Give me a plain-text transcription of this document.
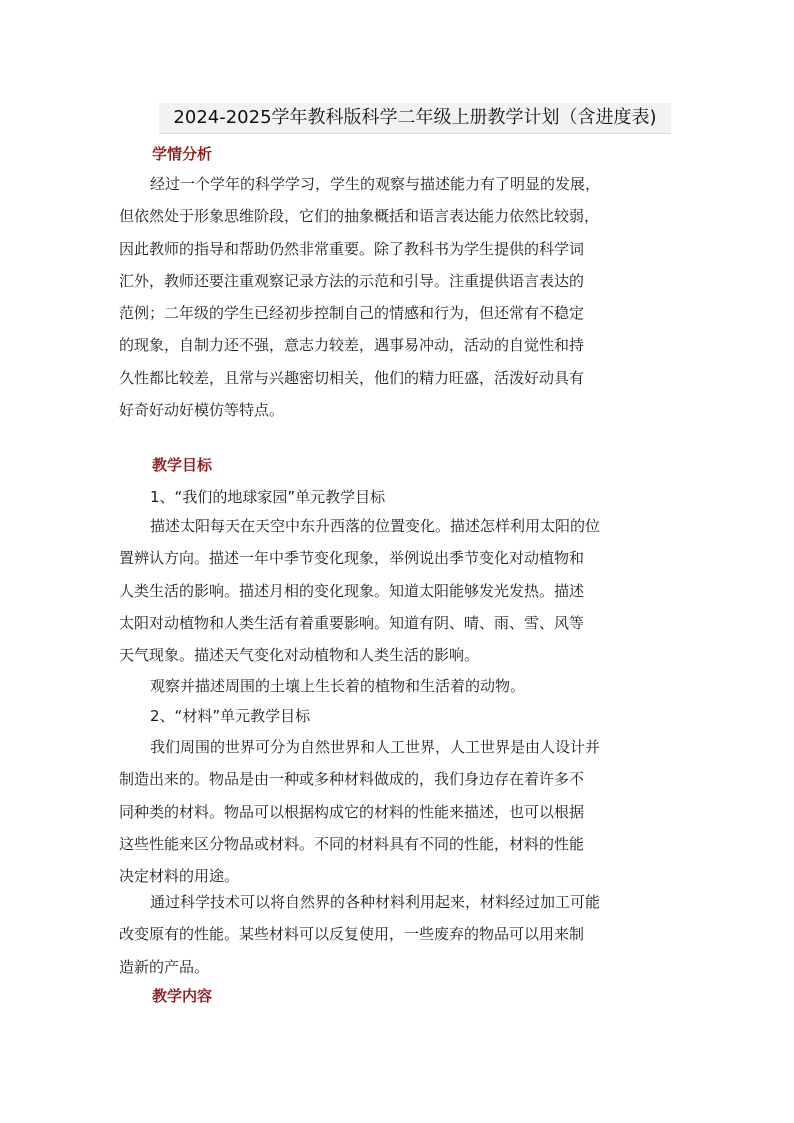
2024-2025学年教科版科学二年级上册教学计划（含进度表)
学情分析
经过一个学年的科学学习，学生的观察与描述能力有了明显的发展，
但依然处于形象思维阶段，它们的抽象概括和语言表达能力依然比较弱，
因此教师的指导和帮助仍然非常重要。除了教科书为学生提供的科学词
汇外，教师还要注重观察记录方法的示范和引导。注重提供语言表达的
范例；二年级的学生已经初步控制自己的情感和行为，但还常有不稳定
的现象，自制力还不强，意志力较差，遇事易冲动，活动的自觉性和持
久性都比较差，且常与兴趣密切相关，他们的精力旺盛，活泼好动具有
好奇好动好模仿等特点。
教学目标
1、“我们的地球家园”单元教学目标
描述太阳每天在天空中东升西落的位置变化。描述怎样利用太阳的位
置辨认方向。描述一年中季节变化现象，举例说出季节变化对动植物和
人类生活的影响。描述月相的变化现象。知道太阳能够发光发热。描述
太阳对动植物和人类生活有着重要影响。知道有阴、晴、雨、雪、风等
天气现象。描述天气变化对动植物和人类生活的影响。
观察并描述周围的土壤上生长着的植物和生活着的动物。
2、“材料”单元教学目标
我们周围的世界可分为自然世界和人工世界，人工世界是由人设计并
制造出来的。物品是由一种或多种材料做成的，我们身边存在着许多不
同种类的材料。物品可以根据构成它的材料的性能来描述，也可以根据
这些性能来区分物品或材料。不同的材料具有不同的性能，材料的性能
决定材料的用途。
通过科学技术可以将自然界的各种材料利用起来，材料经过加工可能
改变原有的性能。某些材料可以反复使用，一些废弃的物品可以用来制
造新的产品。
教学内容
